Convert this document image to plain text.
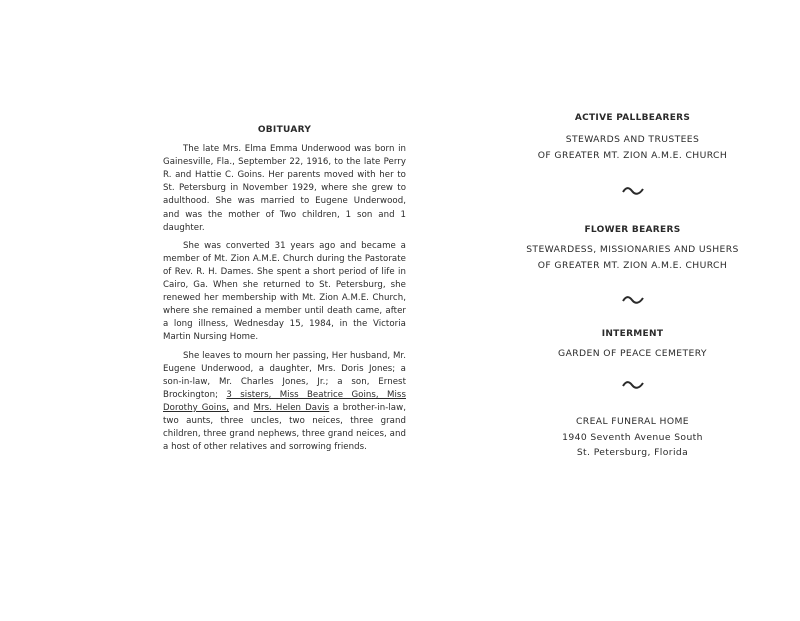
OBITUARY

The late Mrs. Elma Emma Underwood was born in Gainesville, Fla., September 22, 1916, to the late Perry R. and Hattie C. Goins. Her parents moved with her to St. Petersburg in November 1929, where she grew to adulthood. She was married to Eugene Underwood, and was the mother of Two children, 1 son and 1 daughter.

She was converted 31 years ago and became a member of Mt. Zion A.M.E. Church during the Pastorate of Rev. R. H. Dames. She spent a short period of life in Cairo, Ga. When she returned to St. Petersburg, she renewed her membership with Mt. Zion A.M.E. Church, where she remained a member until death came, after a long illness, Wednesday 15, 1984, in the Victoria Martin Nursing Home.

She leaves to mourn her passing, Her husband, Mr. Eugene Underwood, a daughter, Mrs. Doris Jones; a son-in-law, Mr. Charles Jones, Jr.; a son, Ernest Brockington; 3 sisters, Miss Beatrice Goins, Miss Dorothy Goins, and Mrs. Helen Davis a brother-in-law, two aunts, three uncles, two neices, three grand children, three grand nephews, three grand neices, and a host of other relatives and sorrowing friends.

ACTIVE PALLBEARERS
STEWARDS AND TRUSTEES
OF GREATER MT. ZION A.M.E. CHURCH
FLOWER BEARERS
STEWARDESS, MISSIONARIES AND USHERS
OF GREATER MT. ZION A.M.E. CHURCH
INTERMENT
GARDEN OF PEACE CEMETERY
CREAL FUNERAL HOME
1940 Seventh Avenue South
St. Petersburg, Florida
